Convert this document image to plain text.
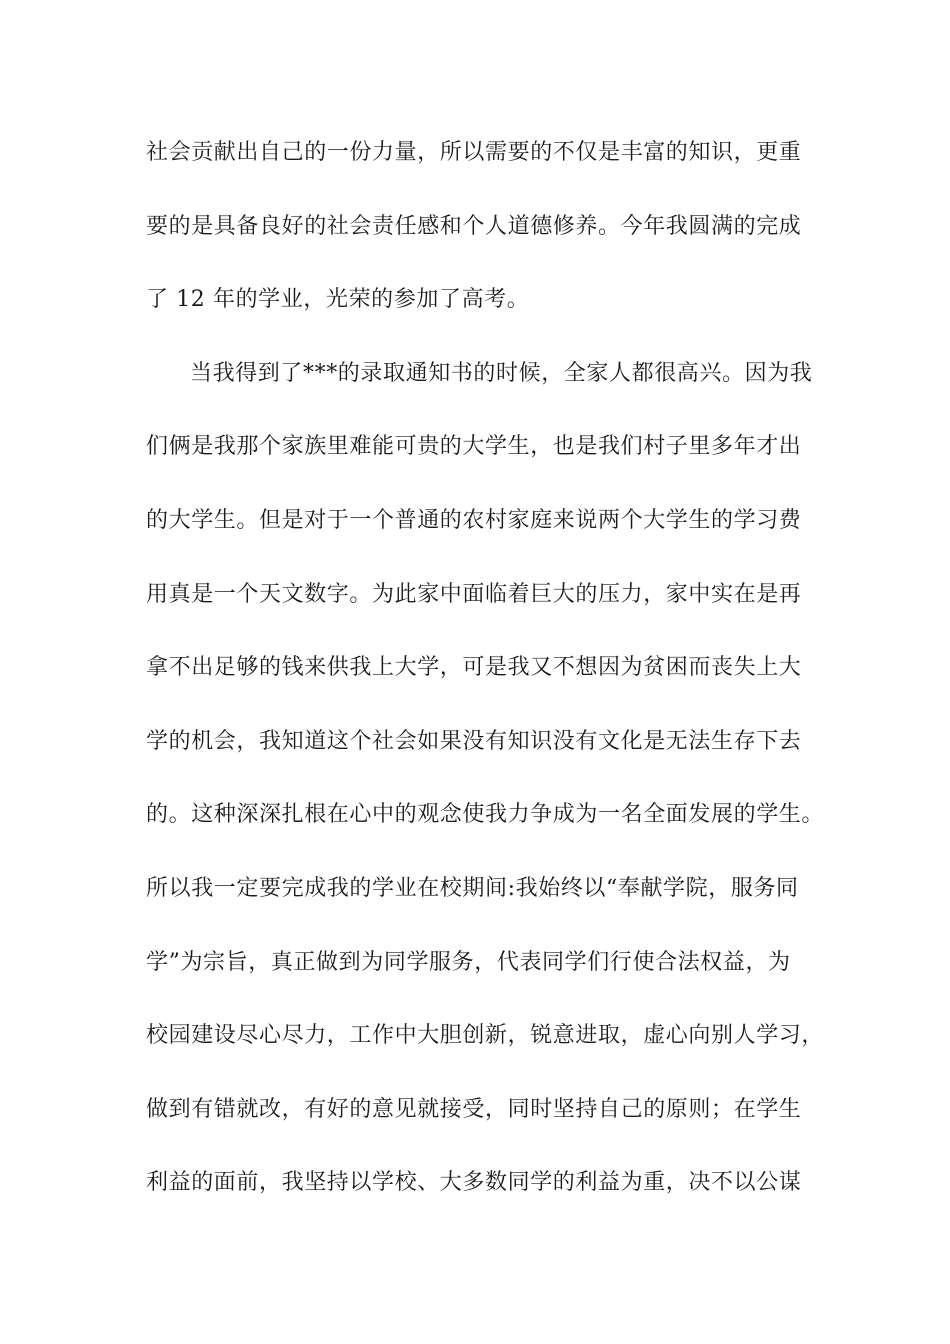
社会贡献出自己的一份力量，所以需要的不仅是丰富的知识，更重
要的是具备良好的社会责任感和个人道德修养。今年我圆满的完成
了 12 年的学业，光荣的参加了高考。
当我得到了***的录取通知书的时候，全家人都很高兴。因为我
们俩是我那个家族里难能可贵的大学生，也是我们村子里多年才出
的大学生。但是对于一个普通的农村家庭来说两个大学生的学习费
用真是一个天文数字。为此家中面临着巨大的压力，家中实在是再
拿不出足够的钱来供我上大学，可是我又不想因为贫困而丧失上大
学的机会，我知道这个社会如果没有知识没有文化是无法生存下去
的。这种深深扎根在心中的观念使我力争成为一名全面发展的学生。
所以我一定要完成我的学业在校期间:我始终以“奉献学院，服务同
学”为宗旨，真正做到为同学服务，代表同学们行使合法权益，为
校园建设尽心尽力，工作中大胆创新，锐意进取，虚心向别人学习，
做到有错就改，有好的意见就接受，同时坚持自己的原则；在学生
利益的面前，我坚持以学校、大多数同学的利益为重，决不以公谋
